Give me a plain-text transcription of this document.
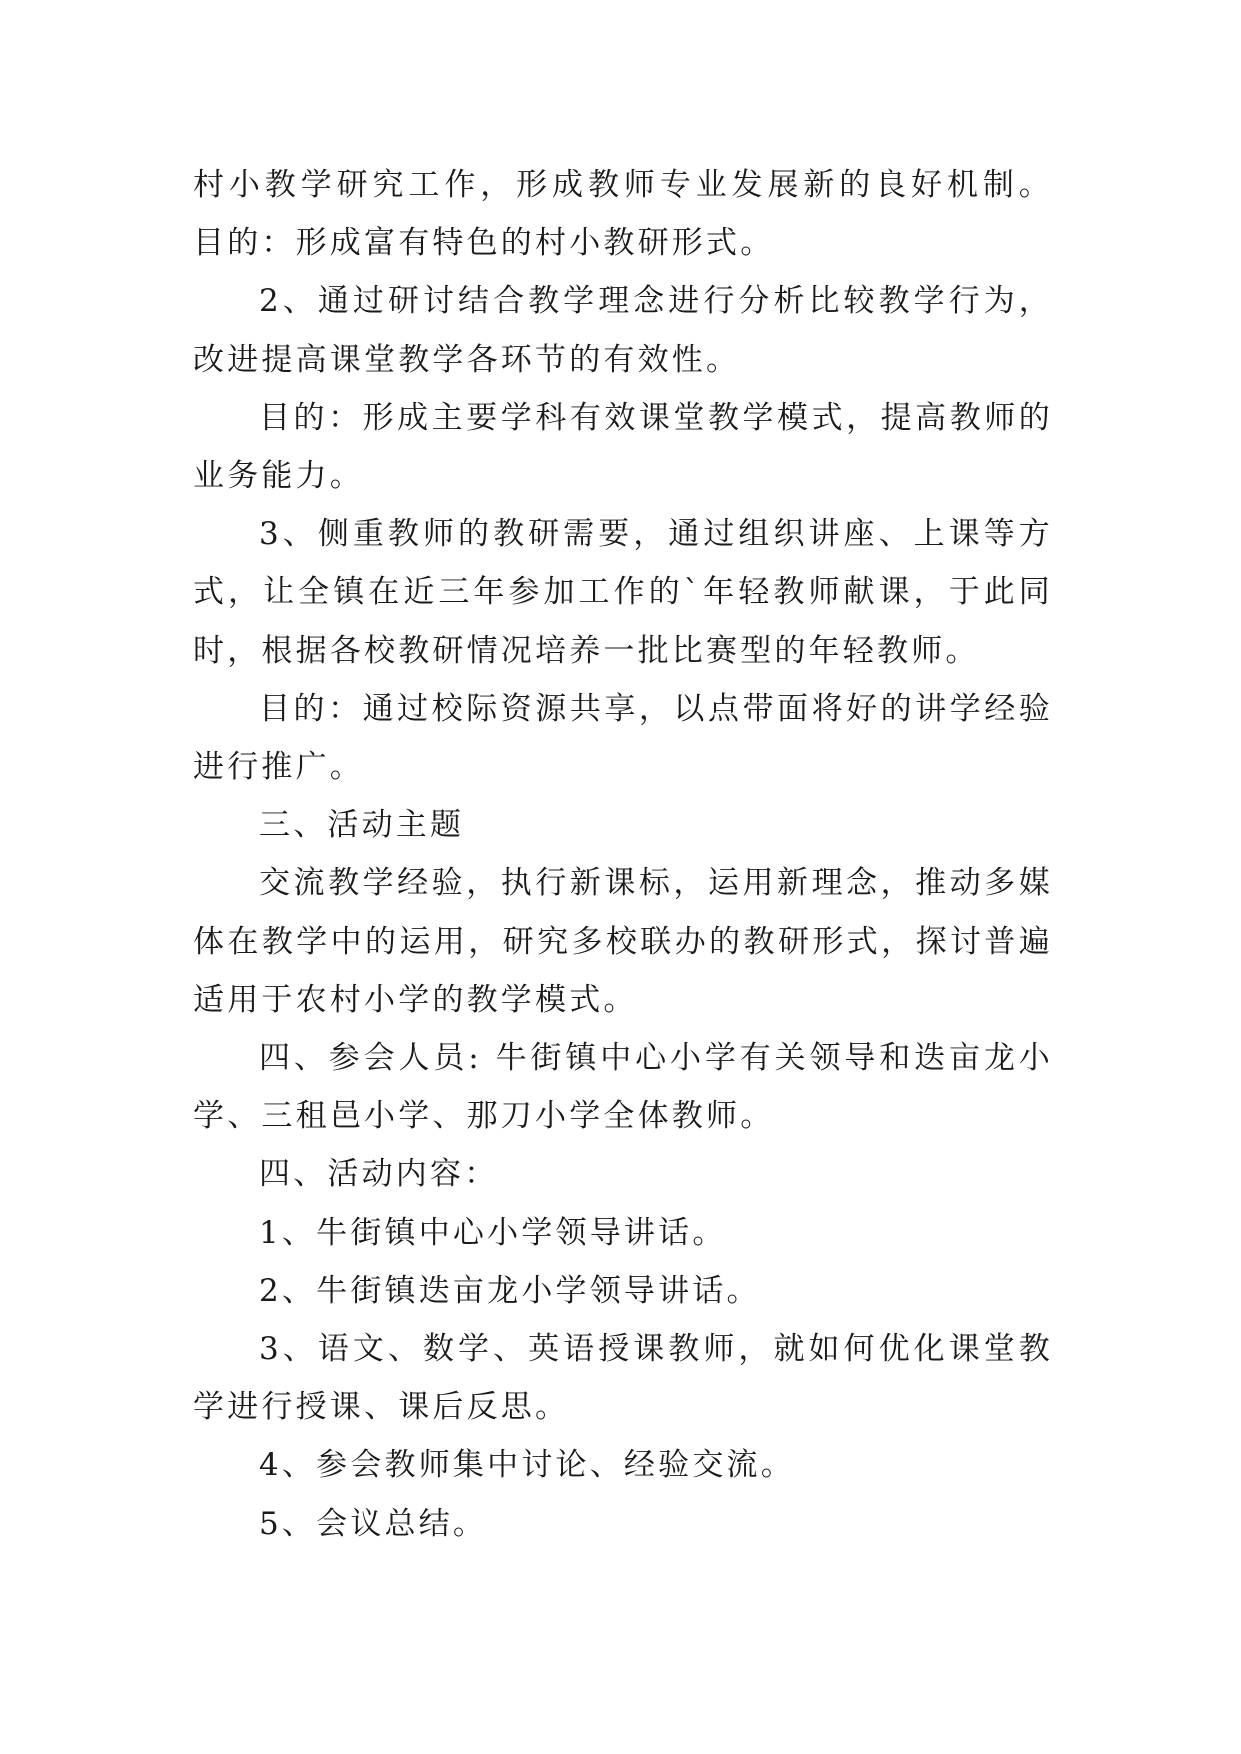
村小教学研究工作，形成教师专业发展新的良好机制。 目的：形成富有特色的村小教研形式。

2、通过研讨结合教学理念进行分析比较教学行为，改进提高课堂教学各环节的有效性。

目的：形成主要学科有效课堂教学模式，提高教师的业务能力。

3、侧重教师的教研需要，通过组织讲座、上课等方式，让全镇在近三年参加工作的`年轻教师献课，于此同时，根据各校教研情况培养一批比赛型的年轻教师。

目的：通过校际资源共享，以点带面将好的讲学经验进行推广。

三、活动主题

交流教学经验，执行新课标，运用新理念，推动多媒体在教学中的运用，研究多校联办的教研形式，探讨普遍适用于农村小学的教学模式。

四、参会人员: 牛街镇中心小学有关领导和迭亩龙小学、三租邑小学、那刀小学全体教师。

四、活动内容：

1、牛街镇中心小学领导讲话。

2、牛街镇迭亩龙小学领导讲话。

3、语文、数学、英语授课教师，就如何优化课堂教学进行授课、课后反思。

4、参会教师集中讨论、经验交流。

5、会议总结。
